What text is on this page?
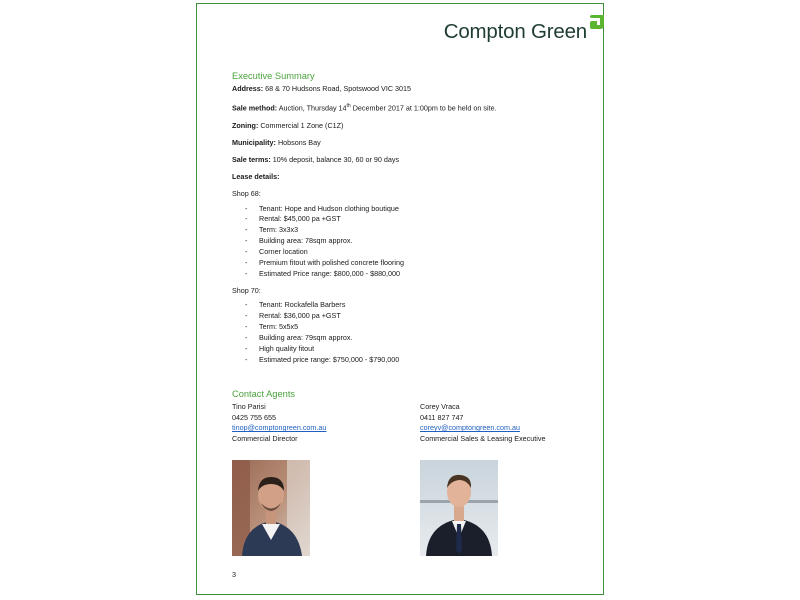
Compton Green
Executive Summary

Address: 68 & 70 Hudsons Road, Spotswood VIC 3015

Sale method: Auction, Thursday 14th December 2017 at 1:00pm to be held on site.

Zoning: Commercial 1 Zone (C1Z)

Municipality: Hobsons Bay

Sale terms: 10% deposit, balance 30, 60 or 90 days

Lease details:

Shop 68:

- Tenant: Hope and Hudson clothing boutique
- Rental: $45,000 pa +GST
- Term: 3x3x3
- Building area: 78sqm approx.
- Corner location
- Premium fitout with polished concrete flooring
- Estimated Price range: $800,000 - $880,000

Shop 70:

- Tenant: Rockafella Barbers
- Rental: $36,000 pa +GST
- Term: 5x5x5
- Building area: 79sqm approx.
- High quality fitout
- Estimated price range: $750,000 - $790,000
Contact Agents
Tino Parisi
0425 755 655
tinop@comptongreen.com.au
Commercial Director
Corey Vraca
0411 827 747
coreyv@comptongreen.com.au
Commercial Sales & Leasing Executive
3
